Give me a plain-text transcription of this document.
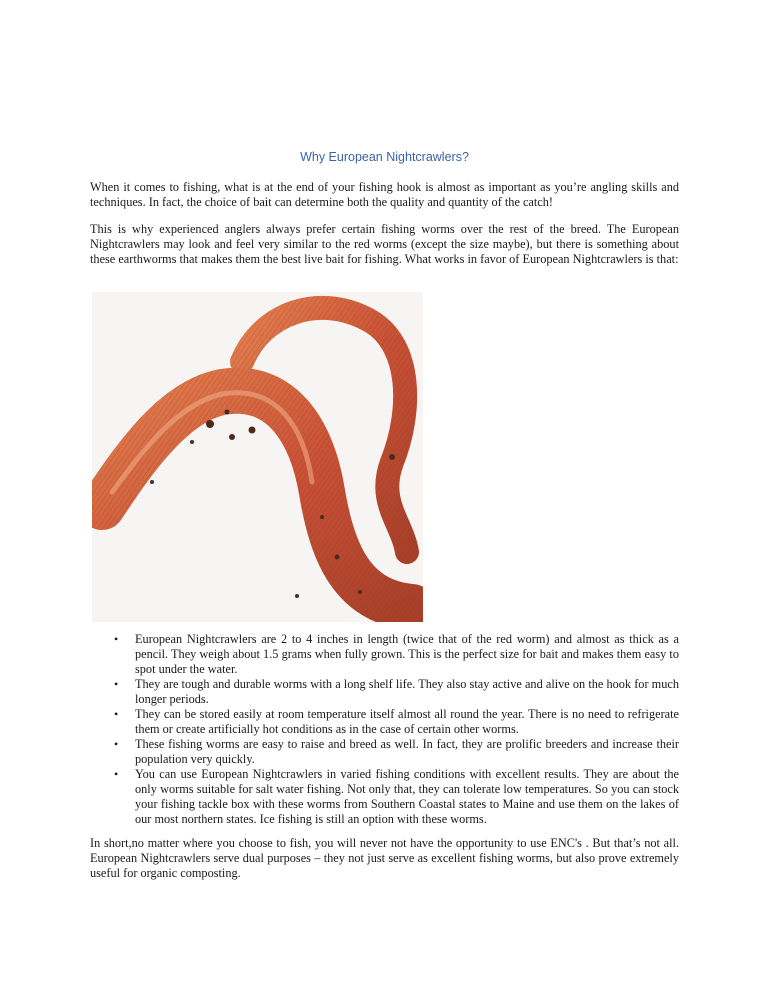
Why European Nightcrawlers?

When it comes to fishing, what is at the end of your fishing hook is almost as important as you’re angling skills and techniques. In fact, the choice of bait can determine both the quality and quantity of the catch!

This is why experienced anglers always prefer certain fishing worms over the rest of the breed. The European Nightcrawlers may look and feel very similar to the red worms (except the size maybe), but there is something about these earthworms that makes them the best live bait for fishing. What works in favor of European Nightcrawlers is that:

• European Nightcrawlers are 2 to 4 inches in length (twice that of the red worm) and almost as thick as a pencil. They weigh about 1.5 grams when fully grown. This is the perfect size for bait and makes them easy to spot under the water.
• They are tough and durable worms with a long shelf life. They also stay active and alive on the hook for much longer periods.
• They can be stored easily at room temperature itself almost all round the year. There is no need to refrigerate them or create artificially hot conditions as in the case of certain other worms.
• These fishing worms are easy to raise and breed as well. In fact, they are prolific breeders and increase their population very quickly.
• You can use European Nightcrawlers in varied fishing conditions with excellent results. They are about the only worms suitable for salt water fishing. Not only that, they can tolerate low temperatures. So you can stock your fishing tackle box with these worms from Southern Coastal states to Maine and use them on the lakes of our most northern states. Ice fishing is still an option with these worms.

In short,no matter where you choose to fish, you will never not have the opportunity to use ENC's . But that’s not all. European Nightcrawlers serve dual purposes – they not just serve as excellent fishing worms, but also prove extremely useful for organic composting.
